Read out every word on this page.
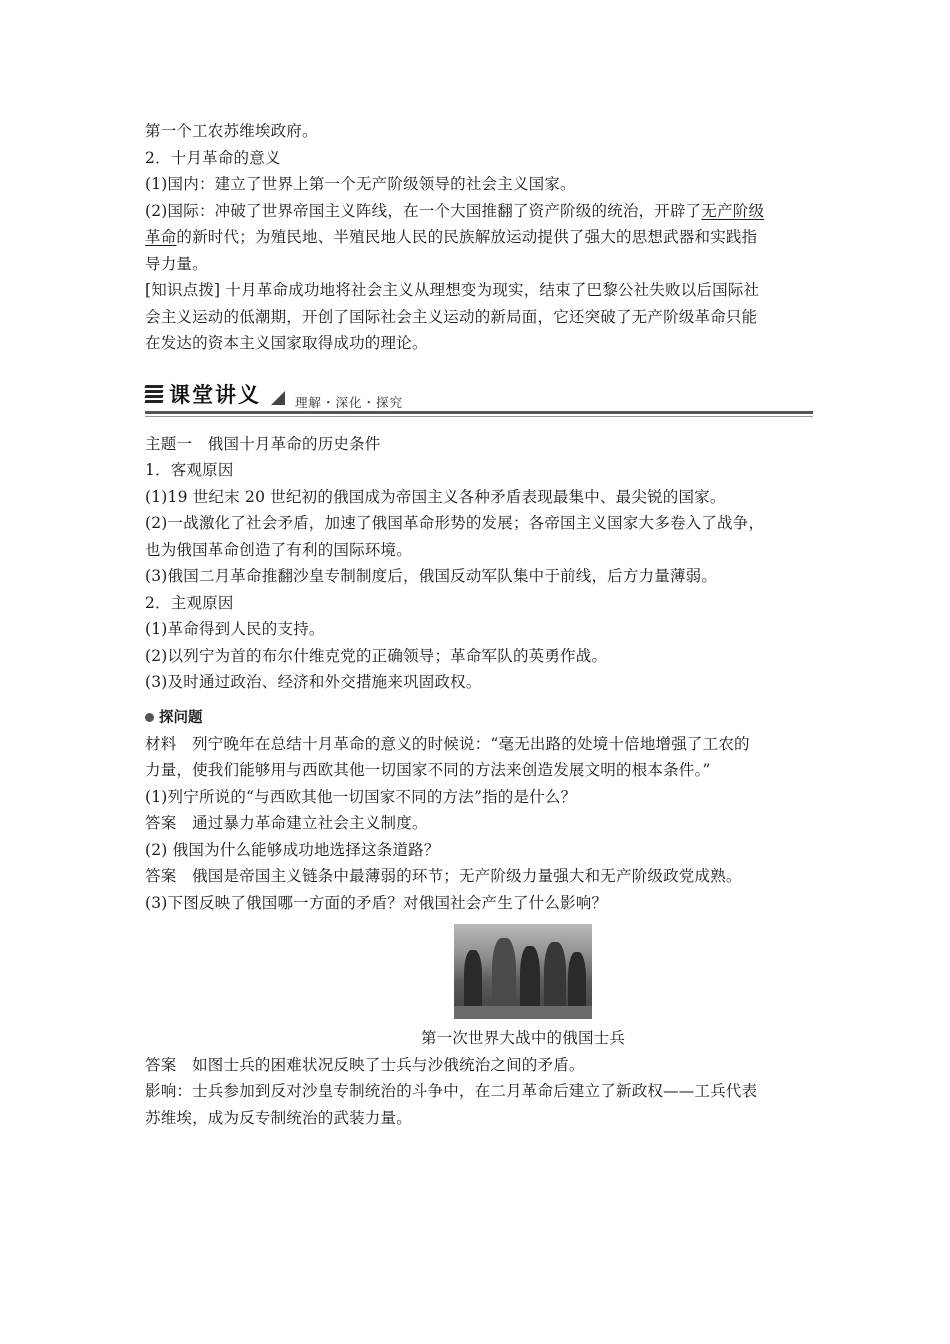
第一个工农苏维埃政府。

2．十月革命的意义

(1)国内：建立了世界上第一个无产阶级领导的社会主义国家。

(2)国际：冲破了世界帝国主义阵线，在一个大国推翻了资产阶级的统治，开辟了无产阶级

革命的新时代；为殖民地、半殖民地人民的民族解放运动提供了强大的思想武器和实践指

导力量。

[知识点拨] 十月革命成功地将社会主义从理想变为现实，结束了巴黎公社失败以后国际社

会主义运动的低潮期，开创了国际社会主义运动的新局面，它还突破了无产阶级革命只能

在发达的资本主义国家取得成功的理论。

课堂讲义	理解・深化・探究

主题一　俄国十月革命的历史条件

1．客观原因

(1)19 世纪末 20 世纪初的俄国成为帝国主义各种矛盾表现最集中、最尖锐的国家。

(2)一战激化了社会矛盾，加速了俄国革命形势的发展；各帝国主义国家大多卷入了战争，

也为俄国革命创造了有利的国际环境。

(3)俄国二月革命推翻沙皇专制制度后，俄国反动军队集中于前线，后方力量薄弱。

2．主观原因

(1)革命得到人民的支持。

(2)以列宁为首的布尔什维克党的正确领导；革命军队的英勇作战。

(3)及时通过政治、经济和外交措施来巩固政权。

探问题

材料　列宁晚年在总结十月革命的意义的时候说：“毫无出路的处境十倍地增强了工农的

力量，使我们能够用与西欧其他一切国家不同的方法来创造发展文明的根本条件。”

(1)列宁所说的“与西欧其他一切国家不同的方法”指的是什么？

答案　通过暴力革命建立社会主义制度。

(2) 俄国为什么能够成功地选择这条道路？

答案　俄国是帝国主义链条中最薄弱的环节；无产阶级力量强大和无产阶级政党成熟。

(3)下图反映了俄国哪一方面的矛盾？对俄国社会产生了什么影响？

第一次世界大战中的俄国士兵

答案　如图士兵的困难状况反映了士兵与沙俄统治之间的矛盾。

影响：士兵参加到反对沙皇专制统治的斗争中，在二月革命后建立了新政权——工兵代表

苏维埃，成为反专制统治的武装力量。
